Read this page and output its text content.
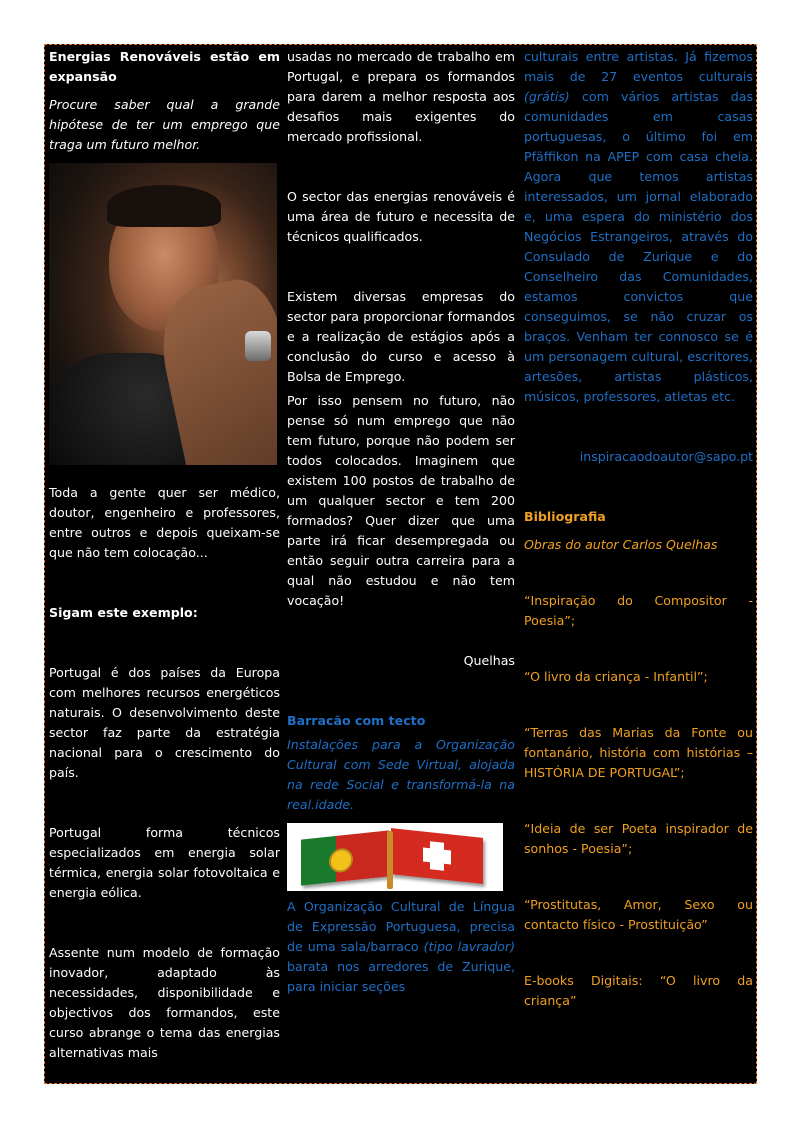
Energias Renováveis estão em expansão

Procure saber qual a grande hipótese de ter um emprego que traga um futuro melhor.

Toda a gente quer ser médico, doutor, engenheiro e professores, entre outros e depois queixam-se que não tem colocação...

Sigam este exemplo:

Portugal é dos países da Europa com melhores recursos energéticos naturais. O desenvolvimento deste sector faz parte da estratégia nacional para o crescimento do país.

Portugal forma técnicos especializados em energia solar térmica, energia solar fotovoltaica e energia eólica.

Assente num modelo de formação inovador, adaptado às necessidades, disponibilidade e objectivos dos formandos, este curso abrange o tema das energias alternativas mais

usadas no mercado de trabalho em Portugal, e prepara os formandos para darem a melhor resposta aos desafios mais exigentes do mercado profissional.

O sector das energias renováveis é uma área de futuro e necessita de técnicos qualificados.

Existem diversas empresas do sector para proporcionar formandos e a realização de estágios após a conclusão do curso e acesso à Bolsa de Emprego.

Por isso pensem no futuro, não pense só num emprego que não tem futuro, porque não podem ser todos colocados. Imaginem que existem 100 postos de trabalho de um qualquer sector e tem 200 formados? Quer dizer que uma parte irá ficar desempregada ou então seguir outra carreira para a qual não estudou e não tem vocação!

Quelhas

Barracão com tecto

Instalações para a Organização Cultural com Sede Virtual, alojada na rede Social e transformá-la na real.idade.

A Organização Cultural de Língua de Expressão Portuguesa, precisa de uma sala/barraco (tipo lavrador) barata nos arredores de Zurique, para iniciar seções

culturais entre artistas. Já fizemos mais de 27 eventos culturais (grátis) com vários artistas das comunidades em casas portuguesas, o último foi em Pfäffikon na APEP com casa cheia. Agora que temos artistas interessados, um jornal elaborado e, uma espera do ministério dos Negócios Estrangeiros, através do Consulado de Zurique e do Conselheiro das Comunidades, estamos convictos que conseguimos, se não cruzar os braços. Venham ter connosco se é um personagem cultural, escritores, artesões, artistas plásticos, músicos, professores, atletas etc.

inspiracaodoautor@sapo.pt

Bibliografia

Obras do autor Carlos Quelhas

“Inspiração do Compositor - Poesia”;

“O livro da criança - Infantil”;

“Terras das Marias da Fonte ou fontanário, história com histórias – HISTÓRIA DE PORTUGAL”;

“Ideia de ser Poeta inspirador de sonhos - Poesia”;

“Prostitutas, Amor, Sexo ou contacto físico - Prostituição”

E-books Digitais: “O livro da criança”
